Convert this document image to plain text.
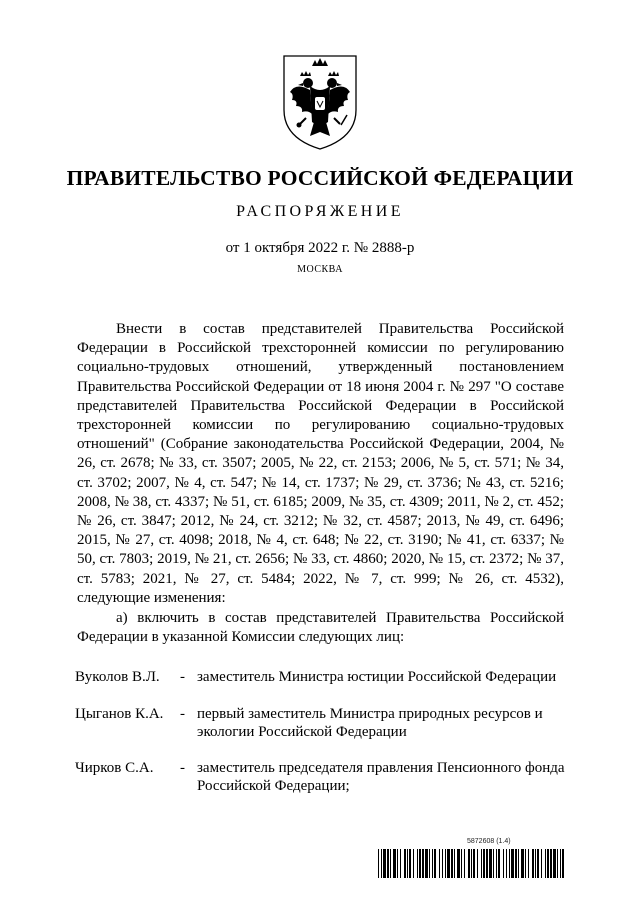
ПРАВИТЕЛЬСТВО РОССИЙСКОЙ ФЕДЕРАЦИИ
РАСПОРЯЖЕНИЕ
от 1 октября 2022 г. № 2888-р
МОСКВА

Внести в состав представителей Правительства Российской Федерации в Российской трехсторонней комиссии по регулированию социально-трудовых отношений, утвержденный постановлением Правительства Российской Федерации от 18 июня 2004 г. № 297 "О составе представителей Правительства Российской Федерации в Российской трехсторонней комиссии по регулированию социально-трудовых отношений" (Собрание законодательства Российской Федерации, 2004, № 26, ст. 2678; № 33, ст. 3507; 2005, № 22, ст. 2153; 2006, № 5, ст. 571; № 34, ст. 3702; 2007, № 4, ст. 547; № 14, ст. 1737; № 29, ст. 3736; № 43, ст. 5216; 2008, № 38, ст. 4337; № 51, ст. 6185; 2009, № 35, ст. 4309; 2011, № 2, ст. 452; № 26, ст. 3847; 2012, № 24, ст. 3212; № 32, ст. 4587; 2013, № 49, ст. 6496; 2015, № 27, ст. 4098; 2018, № 4, ст. 648; № 22, ст. 3190; № 41, ст. 6337; № 50, ст. 7803; 2019, № 21, ст. 2656; № 33, ст. 4860; 2020, № 15, ст. 2372; № 37, ст. 5783; 2021, № 27, ст. 5484; 2022, № 7, ст. 999; № 26, ст. 4532), следующие изменения:

а) включить в состав представителей Правительства Российской Федерации в указанной Комиссии следующих лиц:

Вуколов В.Л. - заместитель Министра юстиции Российской Федерации
Цыганов К.А. - первый заместитель Министра природных ресурсов и экологии Российской Федерации
Чирков С.А. - заместитель председателя правления Пенсионного фонда Российской Федерации;
5872608 (1.4)
